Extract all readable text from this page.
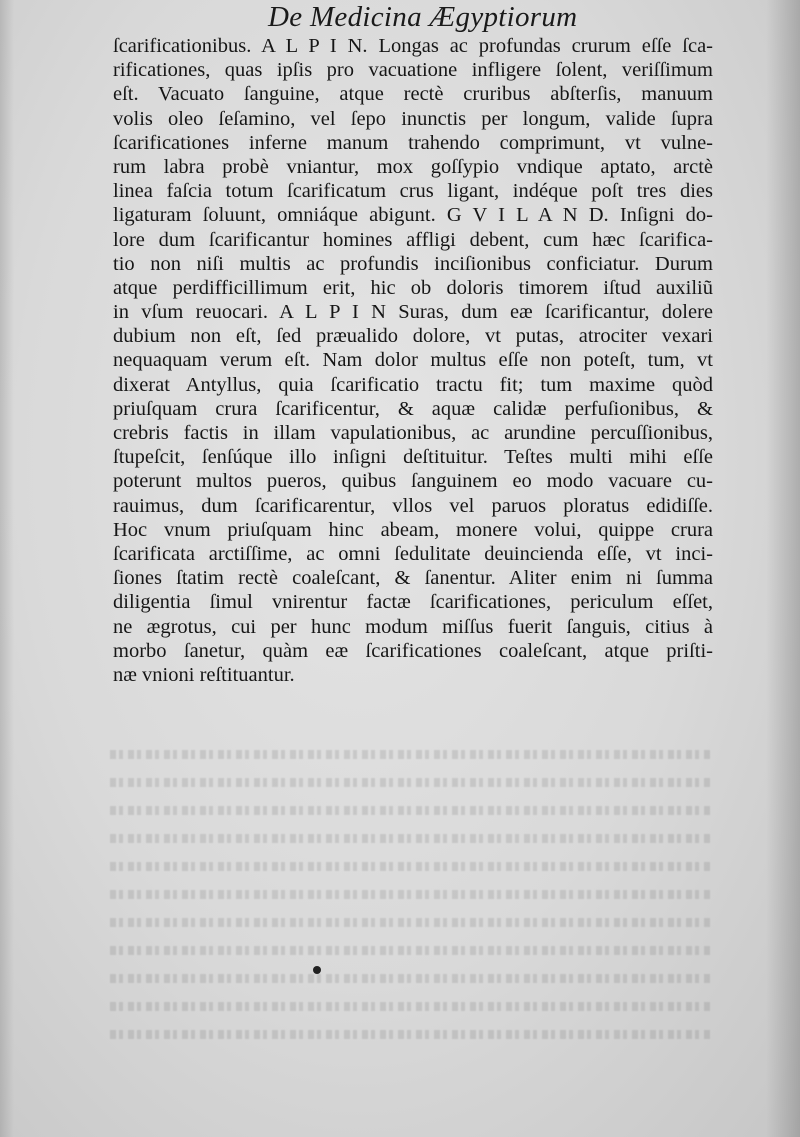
De Medicina Ægyptiorum
ſcarificationibus. A L P I N. Longas ac profundas crurum eſſe ſca-
rificationes, quas ipſis pro vacuatione infligere ſolent, veriſſimum
eſt. Vacuato ſanguine, atque rectè cruribus abſterſis, manuum
volis oleo ſeſamino, vel ſepo inunctis per longum, valide ſupra
ſcarificationes inferne manum trahendo comprimunt, vt vulne-
rum labra probè vniantur, mox goſſypio vndique aptato, arctè
linea faſcia totum ſcarificatum crus ligant, indéque poſt tres dies
ligaturam ſoluunt, omniáque abigunt. G V I L A N D. Inſigni do-
lore dum ſcarificantur homines affligi debent, cum hæc ſcarifica-
tio non niſi multis ac profundis inciſionibus conficiatur. Durum
atque perdifficillimum erit, hic ob doloris timorem iſtud auxiliũ
in vſum reuocari. A L P I N Suras, dum eæ ſcarificantur, dolere
dubium non eſt, ſed præualido dolore, vt putas, atrociter vexari
nequaquam verum eſt. Nam dolor multus eſſe non poteſt, tum, vt
dixerat Antyllus, quia ſcarificatio tractu fit; tum maxime quòd
priuſquam crura ſcarificentur, & aquæ calidæ perfuſionibus, &
crebris factis in illam vapulationibus, ac arundine percuſſionibus,
ſtupeſcit, ſenſúque illo inſigni deſtituitur. Teſtes multi mihi eſſe
poterunt multos pueros, quibus ſanguinem eo modo vacuare cu-
rauimus, dum ſcarificarentur, vllos vel paruos ploratus edidiſſe.
Hoc vnum priuſquam hinc abeam, monere volui, quippe crura
ſcarificata arctiſſime, ac omni ſedulitate deuincienda eſſe, vt inci-
ſiones ſtatim rectè coaleſcant, & ſanentur. Aliter enim ni ſumma
diligentia ſimul vnirentur factæ ſcarificationes, periculum eſſet,
ne ægrotus, cui per hunc modum miſſus fuerit ſanguis, citius à
morbo ſanetur, quàm eæ ſcarificationes coaleſcant, atque priſti-
næ vnioni reſtituantur.
